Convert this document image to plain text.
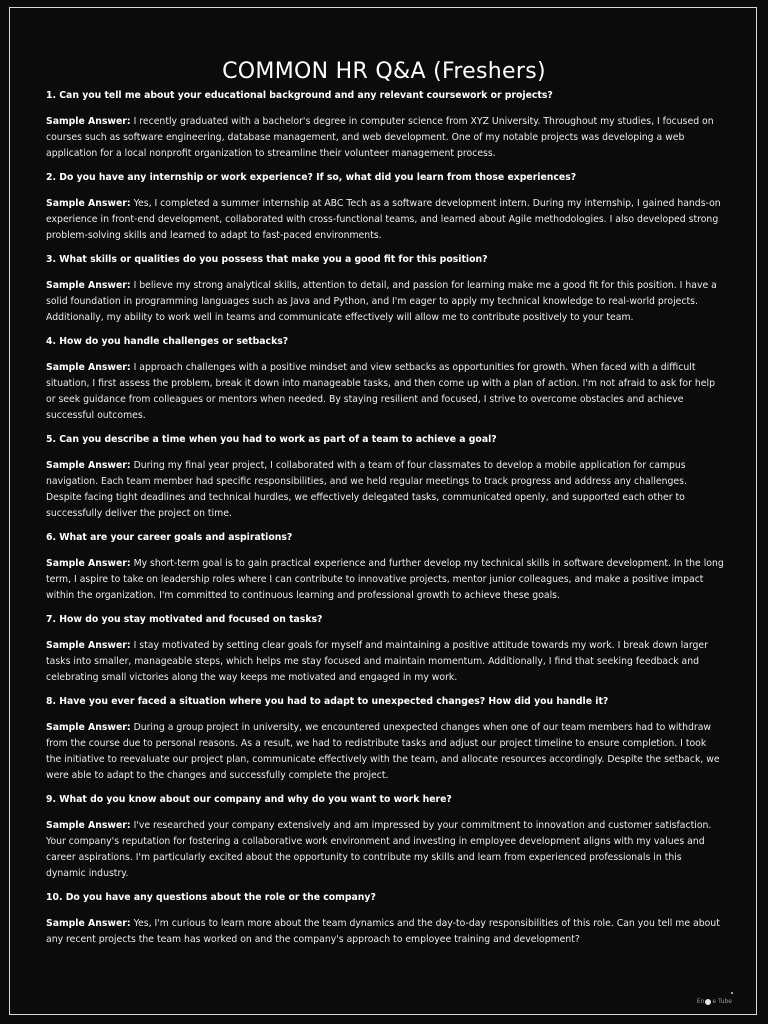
COMMON HR Q&A (Freshers)
1. Can you tell me about your educational background and any relevant coursework or projects?
Sample Answer: I recently graduated with a bachelor's degree in computer science from XYZ University. Throughout my studies, I focused on courses such as software engineering, database management, and web development. One of my notable projects was developing a web application for a local nonprofit organization to streamline their volunteer management process.
2. Do you have any internship or work experience? If so, what did you learn from those experiences?
Sample Answer: Yes, I completed a summer internship at ABC Tech as a software development intern. During my internship, I gained hands-on experience in front-end development, collaborated with cross-functional teams, and learned about Agile methodologies. I also developed strong problem-solving skills and learned to adapt to fast-paced environments.
3. What skills or qualities do you possess that make you a good fit for this position?
Sample Answer: I believe my strong analytical skills, attention to detail, and passion for learning make me a good fit for this position. I have a solid foundation in programming languages such as Java and Python, and I'm eager to apply my technical knowledge to real-world projects. Additionally, my ability to work well in teams and communicate effectively will allow me to contribute positively to your team.
4. How do you handle challenges or setbacks?
Sample Answer: I approach challenges with a positive mindset and view setbacks as opportunities for growth. When faced with a difficult situation, I first assess the problem, break it down into manageable tasks, and then come up with a plan of action. I'm not afraid to ask for help or seek guidance from colleagues or mentors when needed. By staying resilient and focused, I strive to overcome obstacles and achieve successful outcomes.
5. Can you describe a time when you had to work as part of a team to achieve a goal?
Sample Answer: During my final year project, I collaborated with a team of four classmates to develop a mobile application for campus navigation. Each team member had specific responsibilities, and we held regular meetings to track progress and address any challenges. Despite facing tight deadlines and technical hurdles, we effectively delegated tasks, communicated openly, and supported each other to successfully deliver the project on time.
6. What are your career goals and aspirations?
Sample Answer: My short-term goal is to gain practical experience and further develop my technical skills in software development. In the long term, I aspire to take on leadership roles where I can contribute to innovative projects, mentor junior colleagues, and make a positive impact within the organization. I'm committed to continuous learning and professional growth to achieve these goals.
7. How do you stay motivated and focused on tasks?
Sample Answer: I stay motivated by setting clear goals for myself and maintaining a positive attitude towards my work. I break down larger tasks into smaller, manageable steps, which helps me stay focused and maintain momentum. Additionally, I find that seeking feedback and celebrating small victories along the way keeps me motivated and engaged in my work.
8. Have you ever faced a situation where you had to adapt to unexpected changes? How did you handle it?
Sample Answer: During a group project in university, we encountered unexpected changes when one of our team members had to withdraw from the course due to personal reasons. As a result, we had to redistribute tasks and adjust our project timeline to ensure completion. I took the initiative to reevaluate our project plan, communicate effectively with the team, and allocate resources accordingly. Despite the setback, we were able to adapt to the changes and successfully complete the project.
9. What do you know about our company and why do you want to work here?
Sample Answer: I've researched your company extensively and am impressed by your commitment to innovation and customer satisfaction. Your company's reputation for fostering a collaborative work environment and investing in employee development aligns with my values and career aspirations. I'm particularly excited about the opportunity to contribute my skills and learn from experienced professionals in this dynamic industry.
10. Do you have any questions about the role or the company?
Sample Answer: Yes, I'm curious to learn more about the team dynamics and the day-to-day responsibilities of this role. Can you tell me about any recent projects the team has worked on and the company's approach to employee training and development?
En e Tube
